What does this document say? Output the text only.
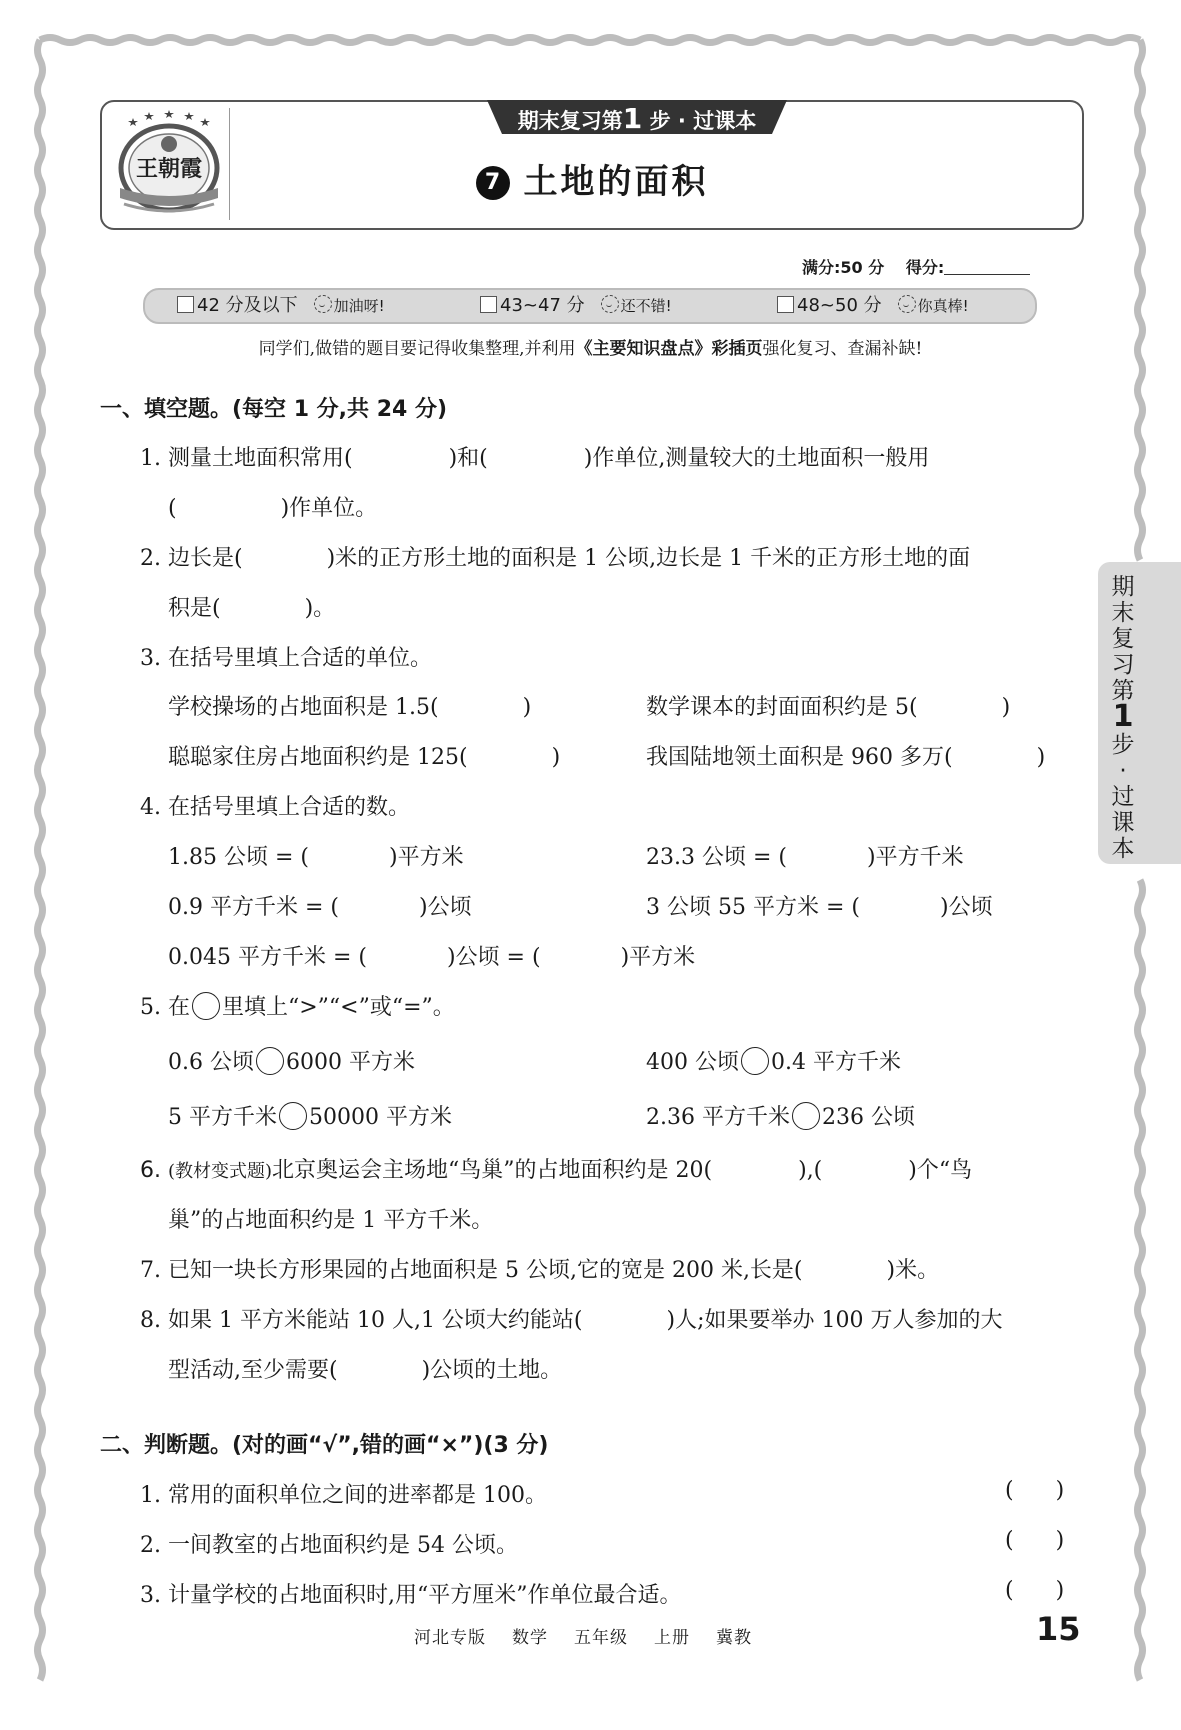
王朝霞
期末复习第1 步 · 过课本
7 土地的面积
满分:50 分 得分:
42 分及以下 加油呀!	43~47 分 还不错!	48~50 分 你真棒!
同学们,做错的题目要记得收集整理,并利用《主要知识盘点》彩插页强化复习、查漏补缺!
一、填空题。(每空 1 分,共 24 分)
1. 测量土地面积常用(	)和(	)作单位,测量较大的土地面积一般用
(	)作单位。
2. 边长是(	)米的正方形土地的面积是 1 公顷,边长是 1 千米的正方形土地的面
积是(	)。
3. 在括号里填上合适的单位。
学校操场的占地面积是 1.5(	)	数学课本的封面面积约是 5(	)
聪聪家住房占地面积约是 125(	)	我国陆地领土面积是 960 多万(	)
4. 在括号里填上合适的数。
1.85 公顷 = (	)平方米	23.3 公顷 = (	)平方千米
0.9 平方千米 = (	)公顷	3 公顷 55 平方米 = (	)公顷
0.045 平方千米 = (	)公顷 = (	)平方米
5. 在 里填上“>”“<”或“=”。
0.6 公顷 6000 平方米	400 公顷 0.4 平方千米
5 平方千米 50000 平方米	2.36 平方千米 236 公顷
6. (教材变式题)北京奥运会主场地“鸟巢”的占地面积约是 20(	),(	)个“鸟
巢”的占地面积约是 1 平方千米。
7. 已知一块长方形果园的占地面积是 5 公顷,它的宽是 200 米,长是(	)米。
8. 如果 1 平方米能站 10 人,1 公顷大约能站(	)人;如果要举办 100 万人参加的大
型活动,至少需要(	)公顷的土地。
二、判断题。(对的画“√”,错的画“×”)(3 分)
1. 常用的面积单位之间的进率都是 100。	( )
2. 一间教室的占地面积约是 54 公顷。	( )
3. 计量学校的占地面积时,用“平方厘米”作单位最合适。	( )
期
末
复
习
第
1
步
·
过
课
本
河北专版 数学 五年级 上册 冀教	15
